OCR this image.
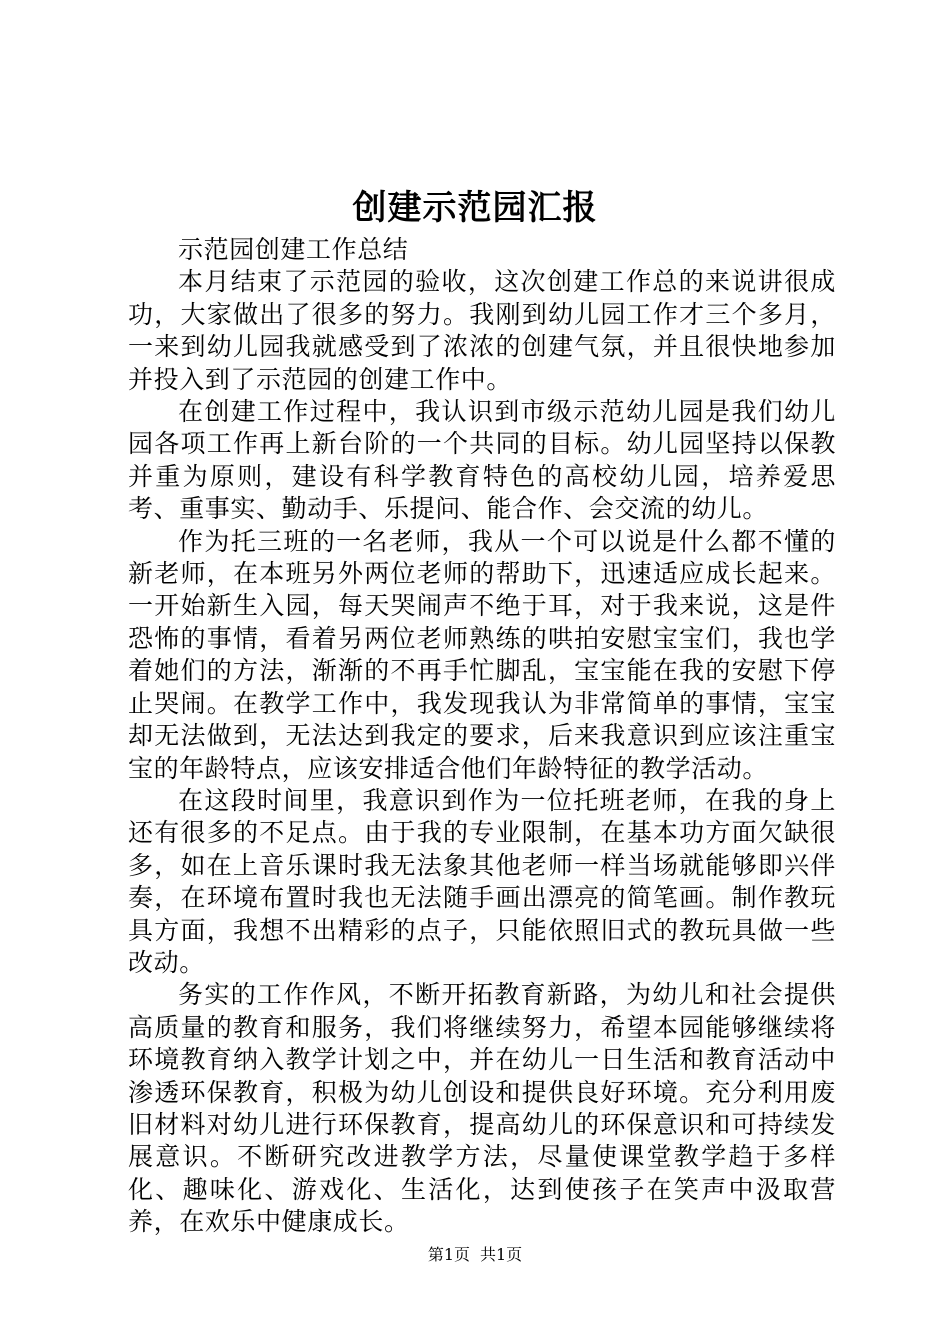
创建示范园汇报

示范园创建工作总结

本月结束了示范园的验收，这次创建工作总的来说讲很成功，大家做出了很多的努力。我刚到幼儿园工作才三个多月，一来到幼儿园我就感受到了浓浓的创建气氛，并且很快地参加并投入到了示范园的创建工作中。

在创建工作过程中，我认识到市级示范幼儿园是我们幼儿园各项工作再上新台阶的一个共同的目标。幼儿园坚持以保教并重为原则，建设有科学教育特色的高校幼儿园，培养爱思考、重事实、勤动手、乐提问、能合作、会交流的幼儿。

作为托三班的一名老师，我从一个可以说是什么都不懂的新老师，在本班另外两位老师的帮助下，迅速适应成长起来。一开始新生入园，每天哭闹声不绝于耳，对于我来说，这是件恐怖的事情，看着另两位老师熟练的哄拍安慰宝宝们，我也学着她们的方法，渐渐的不再手忙脚乱，宝宝能在我的安慰下停止哭闹。在教学工作中，我发现我认为非常简单的事情，宝宝却无法做到，无法达到我定的要求，后来我意识到应该注重宝宝的年龄特点，应该安排适合他们年龄特征的教学活动。

在这段时间里，我意识到作为一位托班老师，在我的身上还有很多的不足点。由于我的专业限制，在基本功方面欠缺很多，如在上音乐课时我无法象其他老师一样当场就能够即兴伴奏，在环境布置时我也无法随手画出漂亮的简笔画。制作教玩具方面，我想不出精彩的点子，只能依照旧式的教玩具做一些改动。

务实的工作作风，不断开拓教育新路，为幼儿和社会提供高质量的教育和服务，我们将继续努力，希望本园能够继续将环境教育纳入教学计划之中，并在幼儿一日生活和教育活动中渗透环保教育，积极为幼儿创设和提供良好环境。充分利用废旧材料对幼儿进行环保教育，提高幼儿的环保意识和可持续发展意识。不断研究改进教学方法，尽量使课堂教学趋于多样化、趣味化、游戏化、生活化，达到使孩子在笑声中汲取营养，在欢乐中健康成长。

第1页 共1页
